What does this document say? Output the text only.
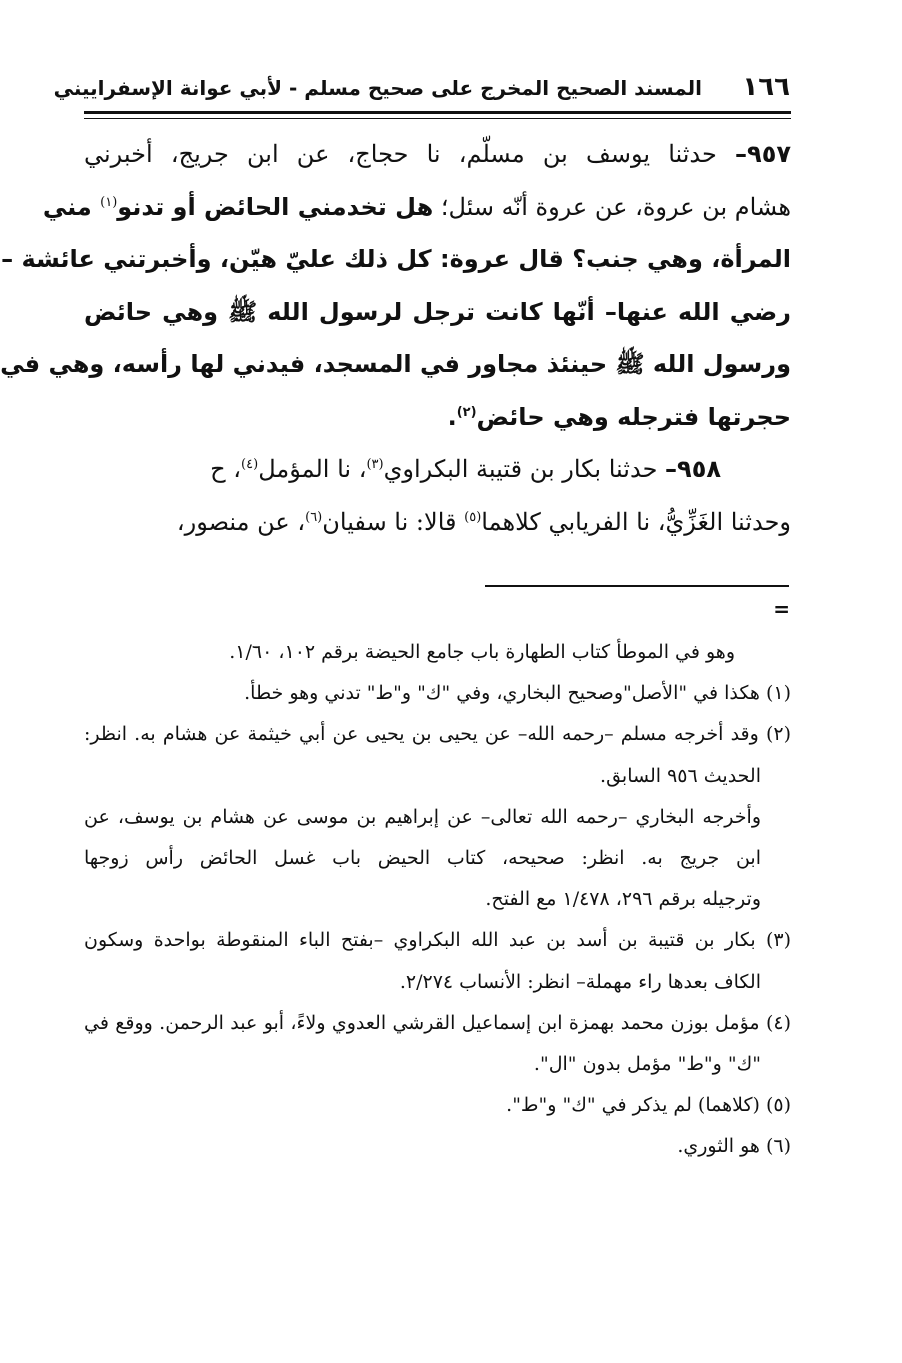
١٦٦
المسند الصحيح المخرج على صحيح مسلم - لأبي عوانة الإسفراييني
٩٥٧– حدثنا يوسف بن مسلّم، نا حجاج، عن ابن جريج، أخبرني
هشام بن عروة، عن عروة أنّه سئل؛ هل تخدمني الحائض أو تدنو$^{(١)}$ مني
المرأة، وهي جنب؟ قال عروة: كل ذلك عليّ هيّن، وأخبرتني عائشة –
رضي الله عنها– أنّها كانت ترجل لرسول الله ﷺ وهي حائض
ورسول الله ﷺ حينئذ مجاور في المسجد، فيدني لها رأسه، وهي في
حجرتها فترجله وهي حائض$^{(٢)}$.
٩٥٨– حدثنا بكار بن قتيبة البكراوي$^{(٣)}$، نا المؤمل$^{(٤)}$، ح
وحدثنا الغَزِّيُّ، نا الفريابي كلاهما$^{(٥)}$ قالا: نا سفيان$^{(٦)}$، عن منصور،
=
وهو في الموطأ كتاب الطهارة باب جامع الحيضة برقم ١٠٢، ١/٦٠.
(١) هكذا في "الأصل"وصحيح البخاري، وفي "ك" و"ط" تدني وهو خطأ.
(٢) وقد أخرجه مسلم –رحمه الله– عن يحيى بن يحيى عن أبي خيثمة عن هشام به. انظر:
الحديث ٩٥٦ السابق.
وأخرجه البخاري –رحمه الله تعالى– عن إبراهيم بن موسى عن هشام بن يوسف، عن
ابن جريج به. انظر: صحيحه، كتاب الحيض باب غسل الحائض رأس زوجها
وترجيله برقم ٢٩٦، ١/٤٧٨ مع الفتح.
(٣) بكار بن قتيبة بن أسد بن عبد الله البكراوي –بفتح الباء المنقوطة بواحدة وسكون
الكاف بعدها راء مهملة– انظر: الأنساب ٢/٢٧٤.
(٤) مؤمل بوزن محمد بهمزة ابن إسماعيل القرشي العدوي ولاءً، أبو عبد الرحمن. ووقع في
"ك" و"ط" مؤمل بدون "ال".
(٥) (كلاهما) لم يذكر في "ك" و"ط".
(٦) هو الثوري.
